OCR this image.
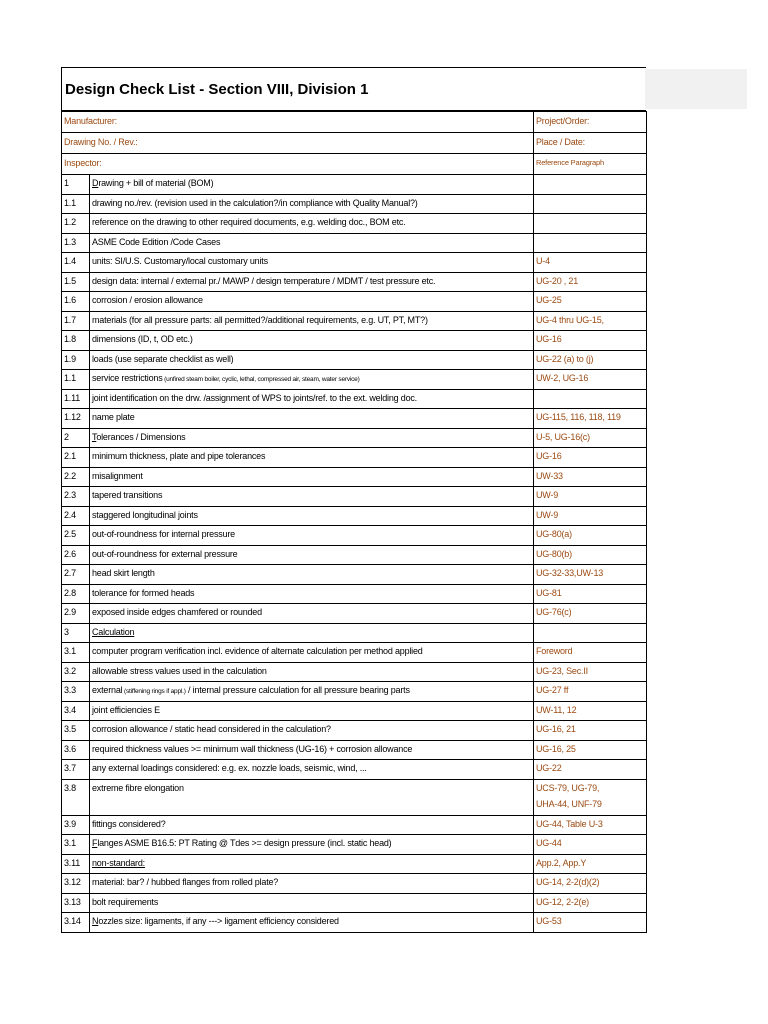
Design Check List - Section VIII, Division 1
Manufacturer:		Project/Order:
Drawing No. / Rev.:		Place / Date:
Inspector:		Reference Paragraph
1	Drawing + bill of material (BOM)	

1.1	drawing no./rev. (revision used in the calculation?/in compliance with Quality Manual?)	

1.2	reference on the drawing to other required documents, e.g. welding doc., BOM etc.	

1.3	ASME Code Edition /Code Cases	

1.4	units: SI/U.S. Customary/local customary units	U-4

1.5	design data: internal / external pr./ MAWP / design temperature / MDMT / test pressure etc.	UG-20 , 21

1.6	corrosion / erosion allowance	UG-25

1.7	materials (for all pressure parts: all permitted?/additional requirements, e.g. UT, PT, MT?)	UG-4 thru UG-15,

1.8	dimensions (ID, t, OD etc.)	UG-16

1.9	loads (use separate checklist as well)	UG-22 (a) to (j)

1.1	service restrictions (unfired steam boiler, cyclic, lethal, compressed air, steam, water service)	UW-2, UG-16

1.11	joint identification on the drw. /assignment of WPS to joints/ref. to the ext. welding doc.	

1.12	name plate	UG-115, 116, 118, 119

2	Tolerances / Dimensions	U-5, UG-16(c)

2.1	minimum thickness, plate and pipe tolerances	UG-16

2.2	misalignment	UW-33

2.3	tapered transitions	UW-9

2.4	staggered longitudinal joints	UW-9

2.5	out-of-roundness for internal pressure	UG-80(a)

2.6	out-of-roundness for external pressure	UG-80(b)

2.7	head skirt length	UG-32-33,UW-13

2.8	tolerance for formed heads	UG-81

2.9	exposed inside edges chamfered or rounded	UG-76(c)

3	Calculation	

3.1	computer program verification incl. evidence of alternate calculation per method applied	Foreword

3.2	allowable stress values used in the calculation	UG-23, Sec.II

3.3	external (stiffening rings if appl.) / internal pressure calculation for all pressure bearing parts	UG-27 ff

3.4	joint efficiencies E	UW-11, 12

3.5	corrosion allowance / static head considered in the calculation?	UG-16, 21

3.6	required thickness values >= minimum wall thickness (UG-16) + corrosion allowance	UG-16, 25

3.7	any external loadings considered: e.g. ex. nozzle loads, seismic, wind, ...	UG-22

3.8	extreme fibre elongation	UCS-79, UG-79,
UHA-44, UNF-79

3.9	fittings considered?	UG-44, Table U-3

3.1	Flanges ASME B16.5: PT Rating @ Tdes >= design pressure (incl. static head)	UG-44

3.11	non-standard:	App.2, App.Y

3.12	material: bar? / hubbed flanges from rolled plate?	UG-14, 2-2(d)(2)

3.13	bolt requirements	UG-12, 2-2(e)

3.14	Nozzles size: ligaments, if any ---> ligament efficiency considered	UG-53
